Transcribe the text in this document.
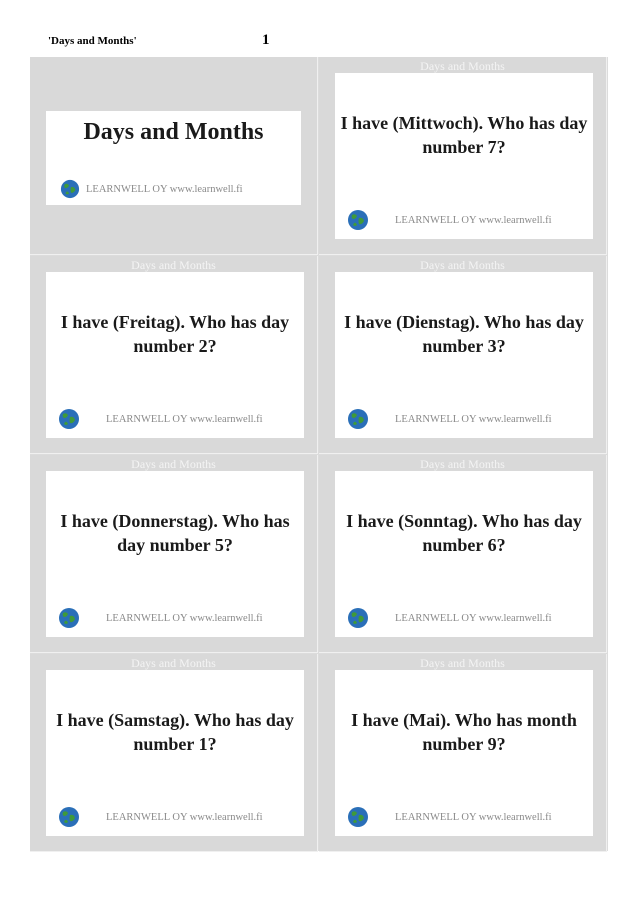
'Days and Months'	1
Days and Months
LEARNWELL OY www.learnwell.fi
Days and Months
I have (Mittwoch). Who has day number 7?
LEARNWELL OY www.learnwell.fi
Days and Months
I have (Freitag). Who has day number 2?
LEARNWELL OY www.learnwell.fi
Days and Months
I have (Dienstag). Who has day number 3?
LEARNWELL OY www.learnwell.fi
Days and Months
I have (Donnerstag). Who has day number 5?
LEARNWELL OY www.learnwell.fi
Days and Months
I have (Sonntag). Who has day number 6?
LEARNWELL OY www.learnwell.fi
Days and Months
I have (Samstag). Who has day number 1?
LEARNWELL OY www.learnwell.fi
Days and Months
I have (Mai). Who has month number 9?
LEARNWELL OY www.learnwell.fi
